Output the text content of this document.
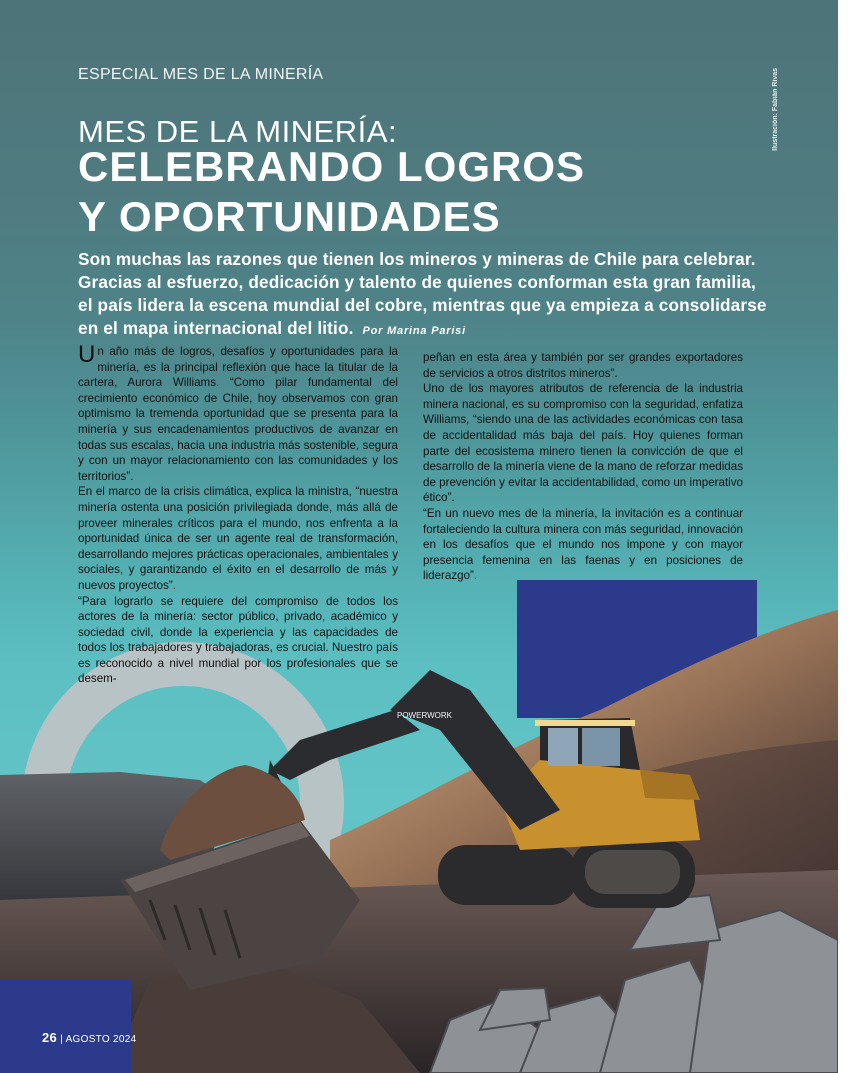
ESPECIAL MES DE LA MINERÍA	Ilustración: Fabián Rivas
MES DE LA MINERÍA:
CELEBRANDO LOGROS
Y OPORTUNIDADES
Son muchas las razones que tienen los mineros y mineras de Chile para celebrar. Gracias al esfuerzo, dedicación y talento de quienes conforman esta gran familia, el país lidera la escena mundial del cobre, mientras que ya empieza a consolidarse en el mapa internacional del litio. Por Marina Parisi
POWERWORK
U n año más de logros, desafíos y oportunidades para la minería, es la principal reflexión que hace la titular de la cartera, Aurora Williams. “Como pilar fundamental del crecimiento económico de Chile, hoy observamos con gran optimismo la tremenda oportunidad que se presenta para la minería y sus encadenamientos productivos de avanzar en todas sus escalas, hacia una industria más sostenible, segura y con un mayor relacionamiento con las comunidades y los territorios”.

En el marco de la crisis climática, explica la ministra, “nuestra minería ostenta una posición privilegiada donde, más allá de proveer minerales críticos para el mundo, nos enfrenta a la oportunidad única de ser un agente real de transformación, desarrollando mejores prácticas operacionales, ambientales y sociales, y garantizando el éxito en el desarrollo de más y nuevos proyectos”.

“Para lograrlo se requiere del compromiso de todos los actores de la minería: sector público, privado, académico y sociedad civil, donde la experiencia y las capacidades de todos los trabajadores y trabajadoras, es crucial. Nuestro país es reconocido a nivel mundial por los profesionales que se desem-

peñan en esta área y también por ser grandes exportadores de servicios a otros distritos mineros”.

Uno de los mayores atributos de referencia de la industria minera nacional, es su compromiso con la seguridad, enfatiza Williams, “siendo una de las actividades económicas con tasa de accidentalidad más baja del país. Hoy quienes forman parte del ecosistema minero tienen la convicción de que el desarrollo de la minería viene de la mano de reforzar medidas de prevención y evitar la accidentabilidad, como un imperativo ético”.

“En un nuevo mes de la minería, la invitación es a continuar fortaleciendo la cultura minera con más seguridad, innovación en los desafíos que el mundo nos impone y con mayor presencia femenina en las faenas y en posiciones de liderazgo”.

26 | AGOSTO 2024
